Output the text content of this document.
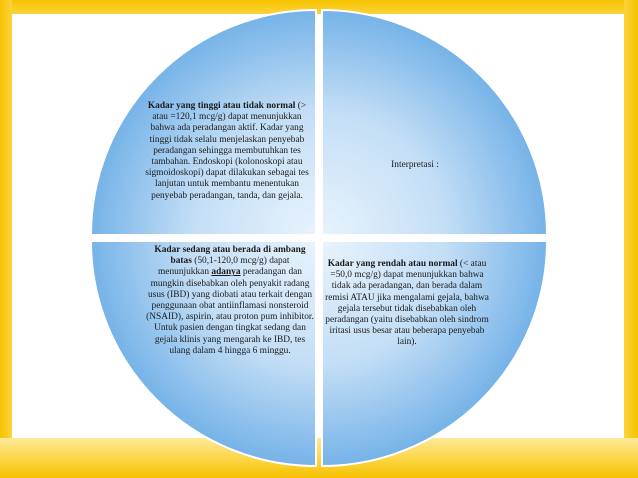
Kadar yang tinggi atau tidak normal (> atau =120,1 mcg/g) dapat menunjukkan bahwa ada peradangan aktif. Kadar yang tinggi tidak selalu menjelaskan penyebab peradangan sehingga membutuhkan tes tambahan. Endoskopi (kolonoskopi atau sigmoidoskopi) dapat dilakukan sebagai tes lanjutan untuk membantu menentukan penyebab peradangan, tanda, dan gejala.

Interpretasi :

Kadar sedang atau berada di ambang batas (50,1-120,0 mcg/g) dapat menunjukkan adanya peradangan dan mungkin disebabkan oleh penyakit radang usus (IBD) yang diobati atau terkait dengan penggunaan obat antiinflamasi nonsteroid (NSAID), aspirin, atau proton pum inhibitor. Untuk pasien dengan tingkat sedang dan gejala klinis yang mengarah ke IBD, tes ulang dalam 4 hingga 6 minggu.

Kadar yang rendah atau normal (< atau =50,0 mcg/g) dapat menunjukkan bahwa tidak ada peradangan, dan berada dalam remisi ATAU jika mengalami gejala, bahwa gejala tersebut tidak disebabkan oleh peradangan (yaitu disebabkan oleh sindrom iritasi usus besar atau beberapa penyebab lain).
